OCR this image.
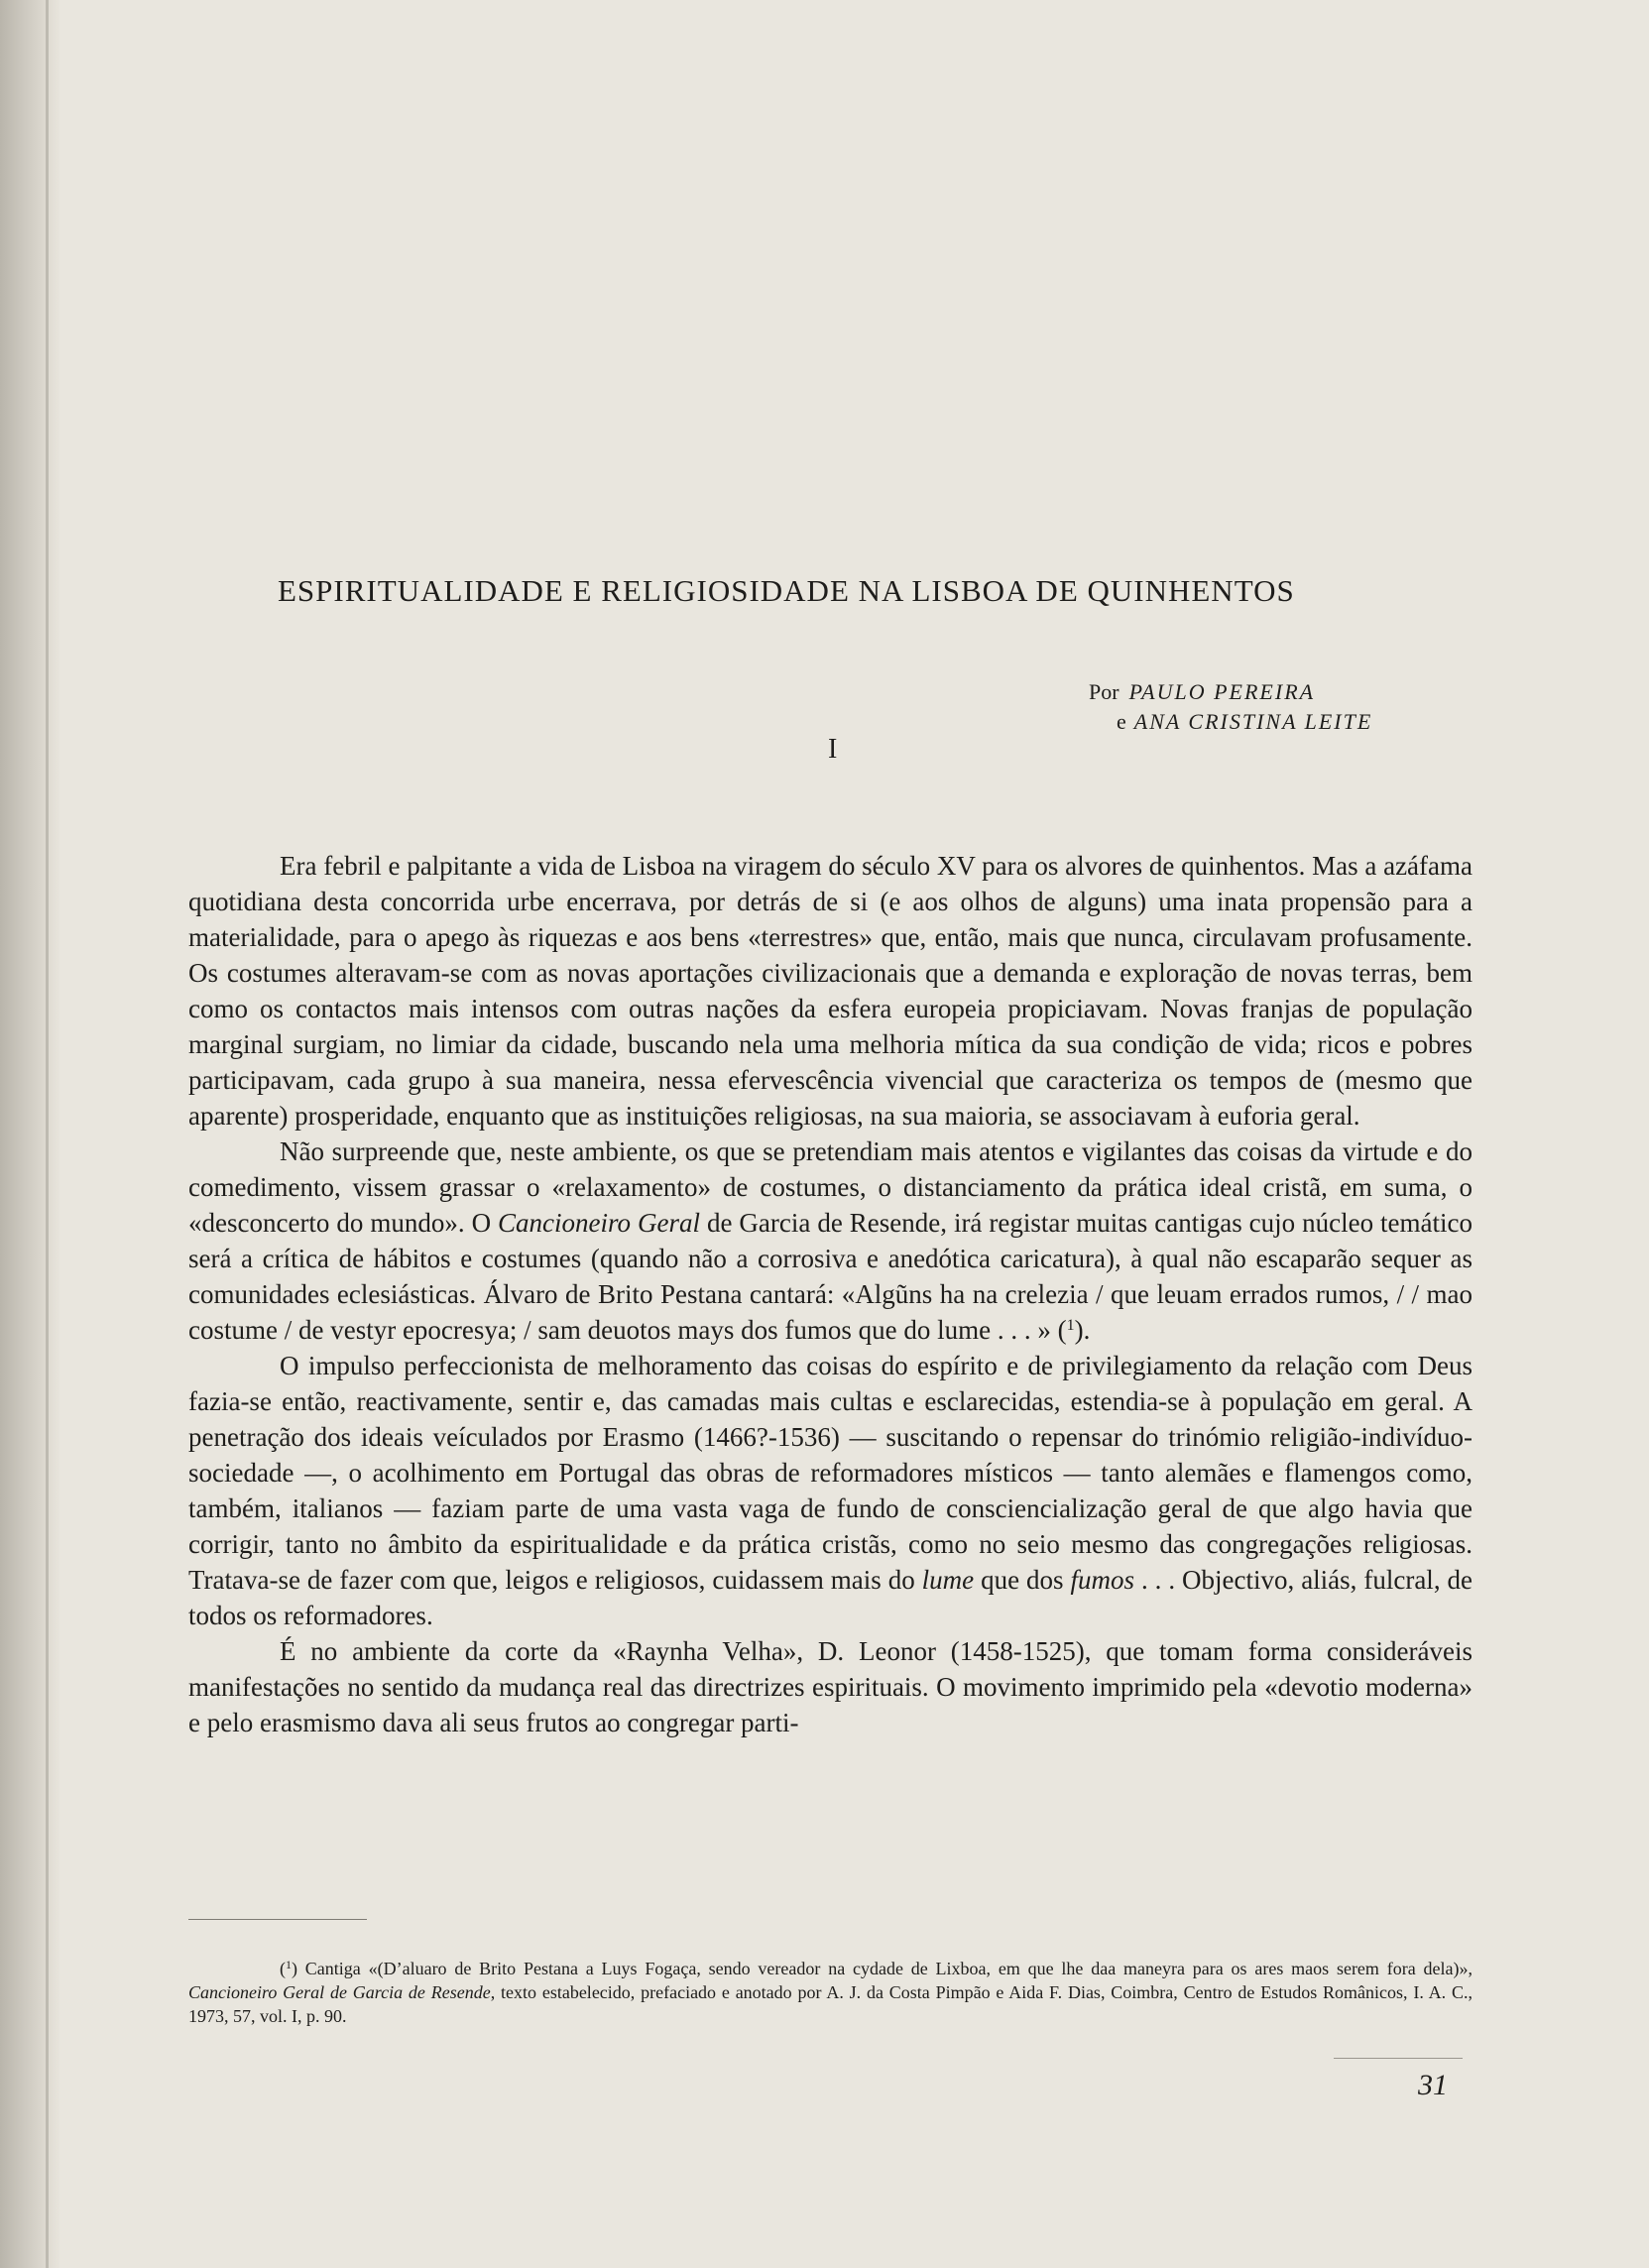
ESPIRITUALIDADE E RELIGIOSIDADE NA LISBOA DE QUINHENTOS
Por PAULO PEREIRA
e ANA CRISTINA LEITE
I

Era febril e palpitante a vida de Lisboa na viragem do século XV para os alvores de quinhentos. Mas a azáfama quotidiana desta concorrida urbe encerrava, por detrás de si (e aos olhos de alguns) uma inata propensão para a materialidade, para o apego às riquezas e aos bens «terrestres» que, então, mais que nunca, circulavam profusamente. Os costumes alteravam-se com as novas aportações civilizacionais que a demanda e exploração de novas terras, bem como os contactos mais intensos com outras nações da esfera europeia propiciavam. Novas franjas de população marginal surgiam, no limiar da cidade, buscando nela uma melhoria mítica da sua condição de vida; ricos e pobres participavam, cada grupo à sua maneira, nessa efervescência vivencial que caracteriza os tempos de (mesmo que aparente) prosperidade, enquanto que as instituições religiosas, na sua maioria, se associavam à euforia geral.

Não surpreende que, neste ambiente, os que se pretendiam mais atentos e vigilantes das coisas da virtude e do comedimento, vissem grassar o «relaxamento» de costumes, o distanciamento da prática ideal cristã, em suma, o «desconcerto do mundo». O Cancioneiro Geral de Garcia de Resende, irá registar muitas cantigas cujo núcleo temático será a crítica de hábitos e costumes (quando não a corrosiva e anedótica caricatura), à qual não escaparão sequer as comunidades eclesiásticas. Álvaro de Brito Pestana cantará: «Algũns ha na crelezia / que leuam errados rumos, / / mao costume / de vestyr epocresya; / sam deuotos mays dos fumos que do lume . . . » ($^1$).

O impulso perfeccionista de melhoramento das coisas do espírito e de privilegiamento da relação com Deus fazia-se então, reactivamente, sentir e, das camadas mais cultas e esclarecidas, estendia-se à população em geral. A penetração dos ideais veículados por Erasmo (1466?-1536) — suscitando o repensar do trinómio religião-indivíduo-sociedade —, o acolhimento em Portugal das obras de reformadores místicos — tanto alemães e flamengos como, também, italianos — faziam parte de uma vasta vaga de fundo de consciencialização geral de que algo havia que corrigir, tanto no âmbito da espiritualidade e da prática cristãs, como no seio mesmo das congregações religiosas. Tratava-se de fazer com que, leigos e religiosos, cuidassem mais do lume que dos fumos . . . Objectivo, aliás, fulcral, de todos os reformadores.

É no ambiente da corte da «Raynha Velha», D. Leonor (1458-1525), que tomam forma consideráveis manifestações no sentido da mudança real das directrizes espirituais. O movimento imprimido pela «devotio moderna» e pelo erasmismo dava ali seus frutos ao congregar parti-

($^1$) Cantiga «(D’aluaro de Brito Pestana a Luys Fogaça, sendo vereador na cydade de Lixboa, em que lhe daa maneyra para os ares maos serem fora dela)», Cancioneiro Geral de Garcia de Resende, texto estabelecido, prefaciado e anotado por A. J. da Costa Pimpão e Aida F. Dias, Coimbra, Centro de Estudos Românicos, I. A. C., 1973, 57, vol. I, p. 90.

31
